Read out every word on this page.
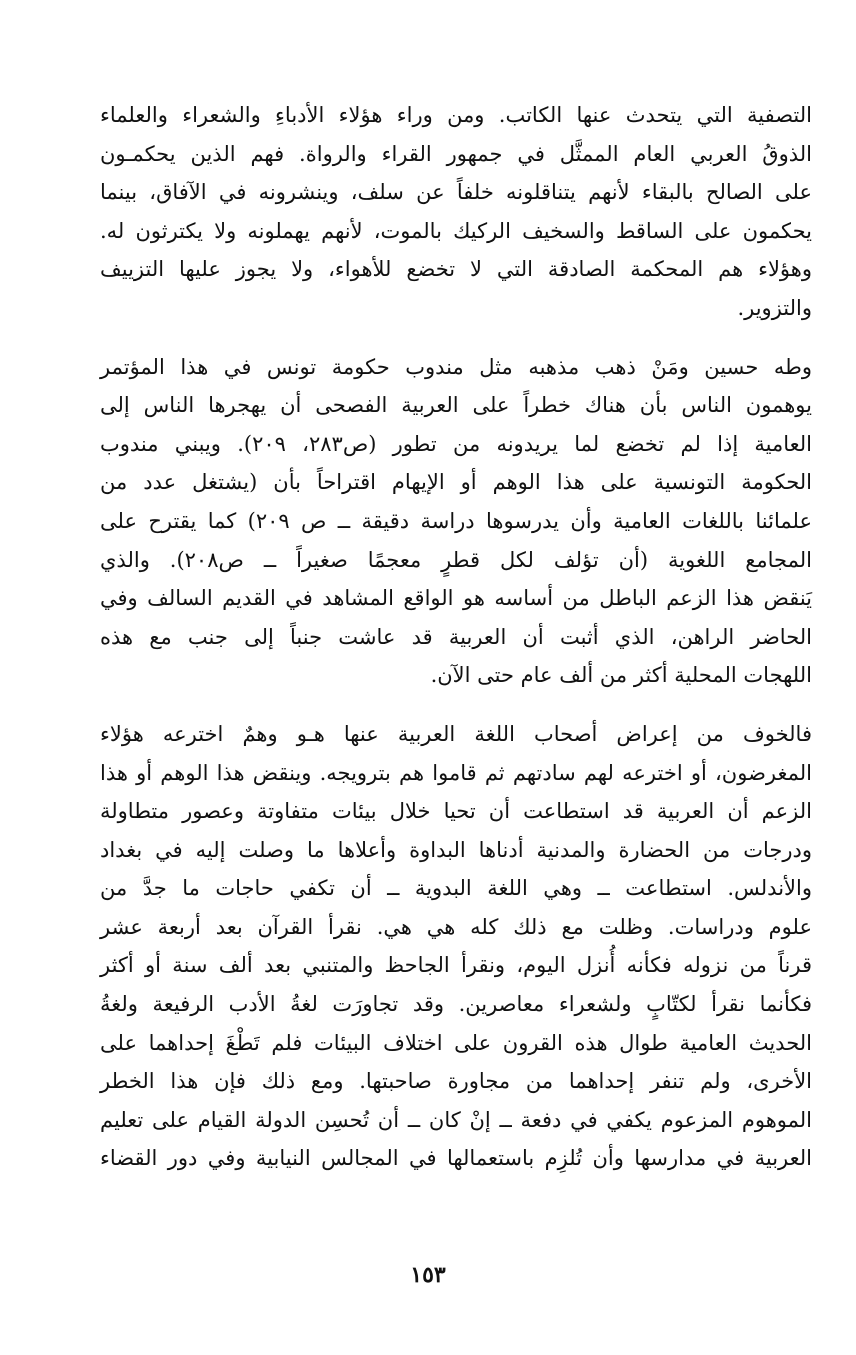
التصفية التي يتحدث عنها الكاتب. ومن وراء هؤلاء الأدباءِ والشعراء والعلماء
الذوقُ العربي العام الممثَّل في جمهور القراء والرواة. فهم الذين يحكمـون
على الصالح بالبقاء لأنهم يتناقلونه خلفاً عن سلف، وينشرونه في الآفاق، بينما
يحكمون على الساقط والسخيف الركيك بالموت، لأنهم يهملونه ولا يكترثون له.
وهؤلاء هم المحكمة الصادقة التي لا تخضع للأهواء، ولا يجوز عليها التزييف
والتزوير.
وطه حسين ومَنْ ذهب مذهبه مثل مندوب حكومة تونس في هذا المؤتمر
يوهمون الناس بأن هناك خطراً على العربية الفصحى أن يهجرها الناس إلى
العامية إذا لم تخضع لما يريدونه من تطور (ص٢٨٣، ٢٠٩). ويبني مندوب
الحكومة التونسية على هذا الوهم أو الإيهام اقتراحاً بأن (يشتغل عدد من
علمائنا باللغات العامية وأن يدرسوها دراسة دقيقة ــ ص ٢٠٩) كما يقترح على
المجامع اللغوية (أن تؤلف لكل قطرٍ معجمًا صغيراً ــ ص٢٠٨). والذي
يَنقض هذا الزعم الباطل من أساسه هو الواقع المشاهد في القديم السالف وفي
الحاضر الراهن، الذي أثبت أن العربية قد عاشت جنباً إلى جنب مع هذه
اللهجات المحلية أكثر من ألف عام حتى الآن.
فالخوف من إعراض أصحاب اللغة العربية عنها هـو وهمٌ اخترعه هؤلاء
المغرضون، أو اخترعه لهم سادتهم ثم قاموا هم بترويجه. وينقض هذا الوهم أو هذا
الزعم أن العربية قد استطاعت أن تحيا خلال بيئات متفاوتة وعصور متطاولة
ودرجات من الحضارة والمدنية أدناها البداوة وأعلاها ما وصلت إليه في بغداد
والأندلس. استطاعت ــ وهي اللغة البدوية ــ أن تكفي حاجات ما جدَّ من
علوم ودراسات. وظلت مع ذلك كله هي هي. نقرأ القرآن بعد أربعة عشر
قرناً من نزوله فكأنه أُنزل اليوم، ونقرأ الجاحظ والمتنبي بعد ألف سنة أو أكثر
فكأنما نقرأ لكتّابٍ ولشعراء معاصرين. وقد تجاورَت لغةُ الأدب الرفيعة ولغةُ
الحديث العامية طوال هذه القرون على اختلاف البيئات فلم تَطْغَ إحداهما على
الأخرى، ولم تنفر إحداهما من مجاورة صاحبتها. ومع ذلك فإن هذا الخطر
الموهوم المزعوم يكفي في دفعة ــ إنْ كان ــ أن تُحسِن الدولة القيام على تعليم
العربية في مدارسها وأن تُلزِم باستعمالها في المجالس النيابية وفي دور القضاء
١٥٣
